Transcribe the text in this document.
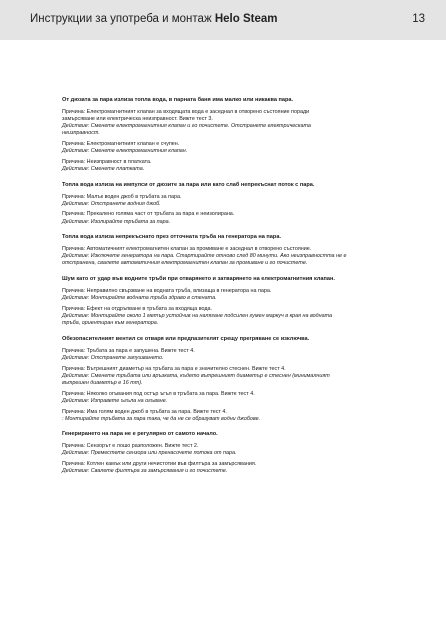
Инструкции за употреба и монтаж Helo Steam	13
От дюзата за пара излиза топла вода, в парната баня има малко или никаква пара.
Причина: Електромагнитният клапан за входящата вода е заседнал в отворено състояние поради
замърсяване или електрическа неизправност. Вижте тест 3.
Действие: Сменете електромагнитния клапан и го почистете. Отстранете електрическата
неизправност.
Причина: Електромагнитният клапан е счупен.
Действие: Сменете електромагнитния клапан.
Причина: Неизправност в платката.
Действие: Сменете платката.
Топла вода излиза на импулси от дюзите за пара или като слаб непрекъснат поток с пара.
Причина: Малък воден джоб в тръбата за пара.
Действие: Отстранете водния джоб.
Причина: Прекалено голяма част от тръбата за пара е неизолирана.
Действие: Изолирайте тръбата за пара.
Топла вода излиза непрекъснато през отточната тръба на генератора на пара.
Причина: Автоматичният електромагнитен клапан за промиване е заседнал в отворено състояние.
Действие: Изключете генератора на пара. Стартирайте отново след 80 минути. Ако неизправността не е
отстранена, свалете автоматичния електромагнитен клапан за промиване и го почистете.
Шум като от удар във водните тръби при отварянето и затварянето на електромагнитния клапан.
Причина: Неправилно свързване на водната тръба, влизаща в генератора на пара.
Действие: Монтирайте водната тръба здраво в стената.
Причина: Ефект на отдръпване в тръбата за входяща вода.
Действие: Монтирайте около 1 метър устойчив на налягане подсилен гумен маркуч в края на водната
тръба, ориентиран към генератора.
Обезопасителният вентил се отваря или предпазителят срещу прегряване се изключва.
Причина: Тръбата за пара е запушена. Вижте тест 4.
Действие: Отстранете запушването.
Причина: Вътрешният диаметър на тръбата за пара е значително стеснен. Вижте тест 4.
Действие: Сменете тръбата или връзката, където вътрешният диаметър е стеснен (минималният
вътрешен диаметър е 16 mm).
Причина: Няколко огъвания под остър ъгъл в тръбата за пара. Вижте тест 4.
Действие: Изправете ъгъла на огъване.
Причина: Има голям воден джоб в тръбата за пара. Вижте тест 4.
: Монтирайте тръбата за пара така, че да не се образуват водни джобове.
Генерирането на пара не е регулярно от самото начало.
Причина: Сензорът е лошо разположен. Вижте тест 2.
Действие: Преместете сензора или пренасочете потока от пара.
Причина: Котлен камък или други нечистотии във филтъра за замърсявания.
Действие: Свалете филтъра за замърсявания и го почистете.
